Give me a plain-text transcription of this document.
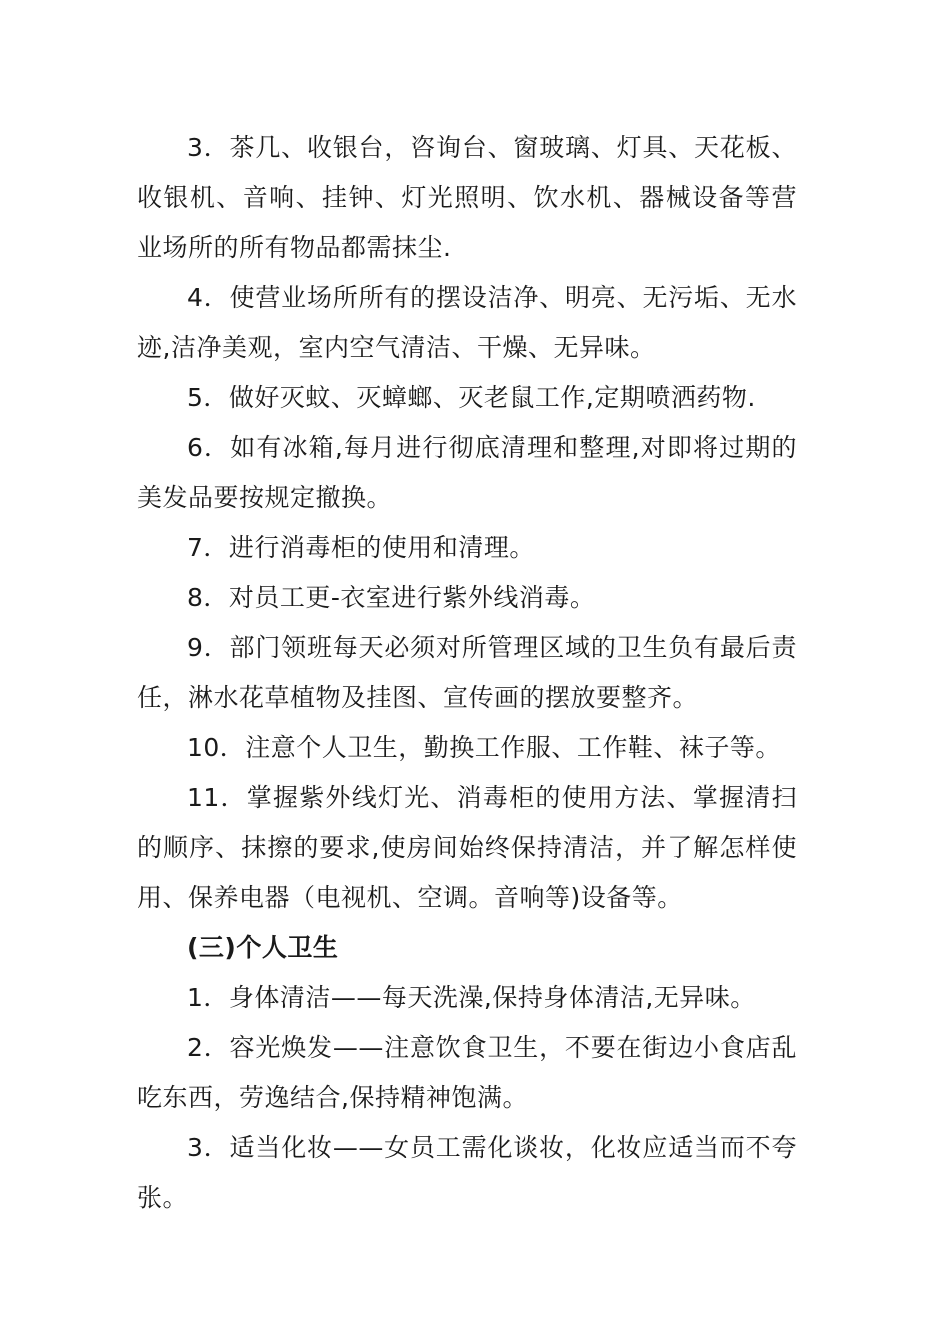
3．茶几、收银台，咨询台、窗玻璃、灯具、天花板、收银机、音响、挂钟、灯光照明、饮水机、器械设备等营业场所的所有物品都需抹尘.

4．使营业场所所有的摆设洁净、明亮、无污垢、无水迹,洁净美观，室内空气清洁、干燥、无异味。

5．做好灭蚊、灭蟑螂、灭老鼠工作,定期喷洒药物.

6．如有冰箱,每月进行彻底清理和整理,对即将过期的美发品要按规定撤换。

7．进行消毒柜的使用和清理。

8．对员工更-衣室进行紫外线消毒。

9．部门领班每天必须对所管理区域的卫生负有最后责任，淋水花草植物及挂图、宣传画的摆放要整齐。

10．注意个人卫生，勤换工作服、工作鞋、袜子等。

11．掌握紫外线灯光、消毒柜的使用方法、掌握清扫的顺序、抹擦的要求,使房间始终保持清洁，并了解怎样使用、保养电器（电视机、空调。音响等)设备等。

(三)个人卫生

1．身体清洁——每天洗澡,保持身体清洁,无异味。

2．容光焕发——注意饮食卫生，不要在街边小食店乱吃东西，劳逸结合,保持精神饱满。

3．适当化妆——女员工需化谈妆，化妆应适当而不夸张。
